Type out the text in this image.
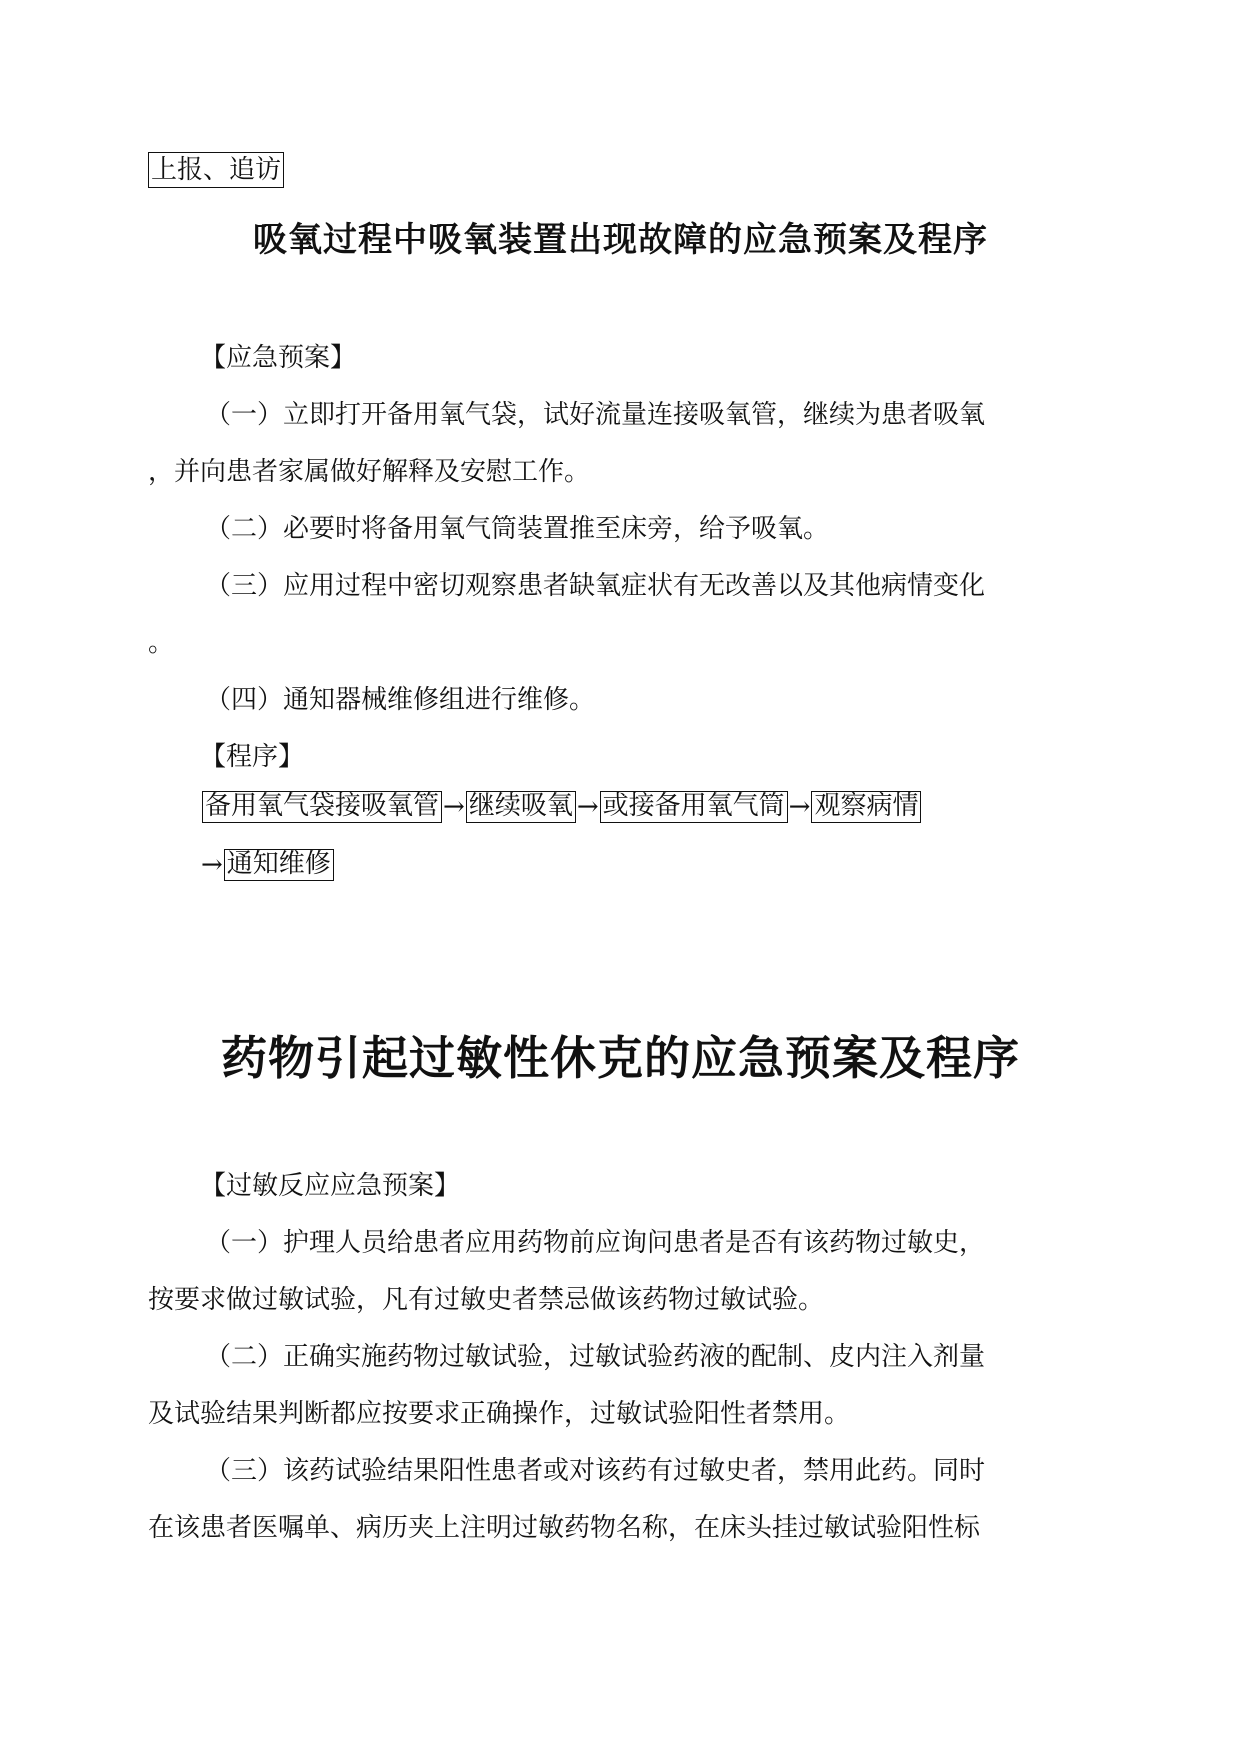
上报、追访
吸氧过程中吸氧装置出现故障的应急预案及程序
【应急预案】
（一）立即打开备用氧气袋，试好流量连接吸氧管，继续为患者吸氧
，并向患者家属做好解释及安慰工作。
（二）必要时将备用氧气筒装置推至床旁，给予吸氧。
（三）应用过程中密切观察患者缺氧症状有无改善以及其他病情变化
。
（四）通知器械维修组进行维修。
【程序】
备用氧气袋接吸氧管 → 继续吸氧 → 或接备用氧气筒 → 观察病情
→ 通知维修
药物引起过敏性休克的应急预案及程序
【过敏反应应急预案】
（一）护理人员给患者应用药物前应询问患者是否有该药物过敏史，
按要求做过敏试验，凡有过敏史者禁忌做该药物过敏试验。
（二）正确实施药物过敏试验，过敏试验药液的配制、皮内注入剂量
及试验结果判断都应按要求正确操作，过敏试验阳性者禁用。
（三）该药试验结果阳性患者或对该药有过敏史者，禁用此药。同时
在该患者医嘱单、病历夹上注明过敏药物名称，在床头挂过敏试验阳性标
